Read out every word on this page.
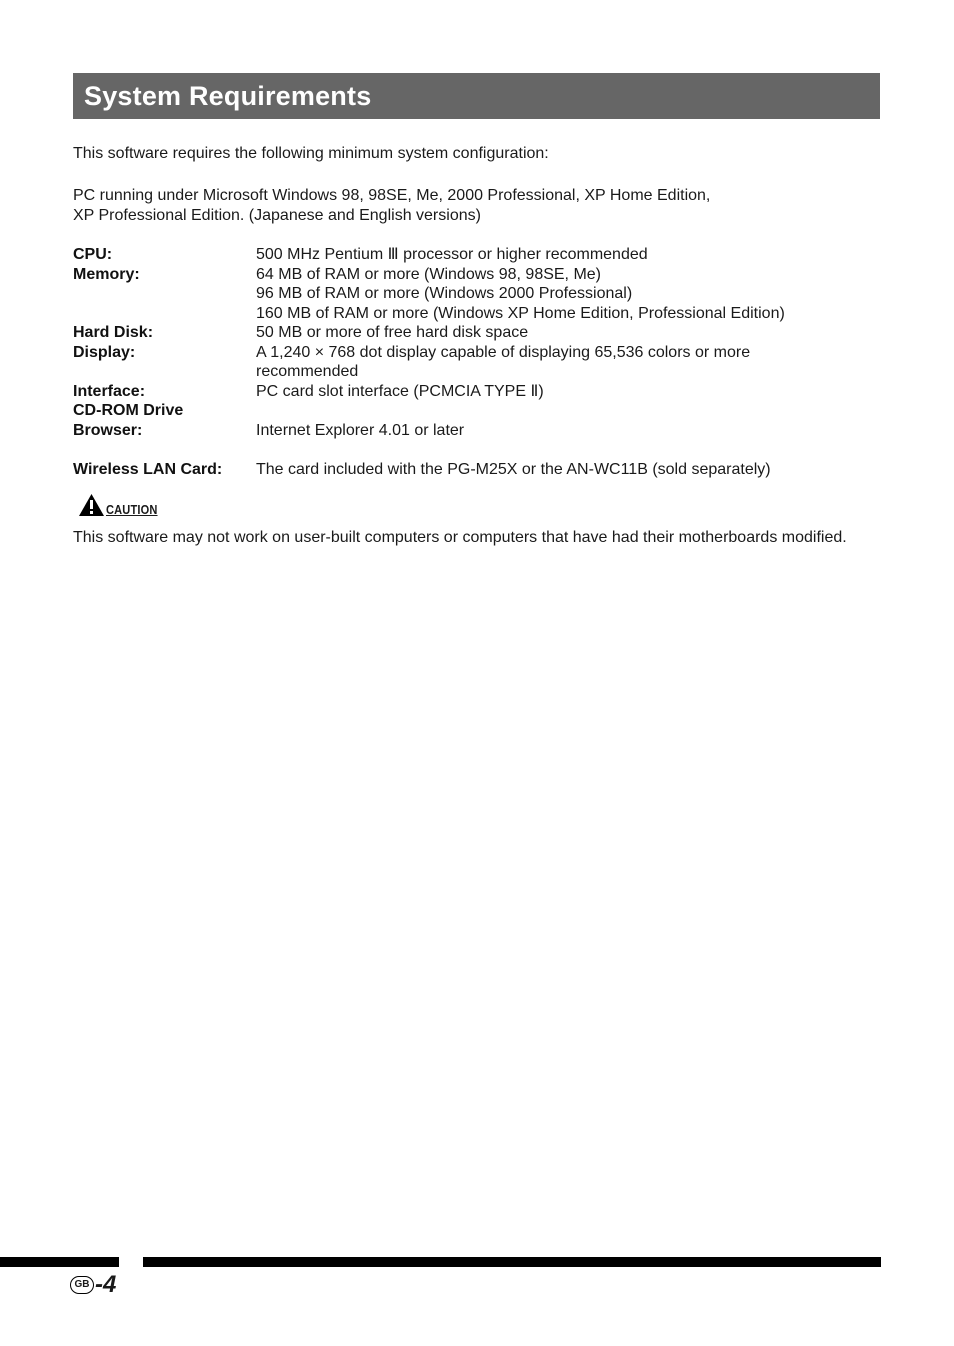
System Requirements
This software requires the following minimum system configuration:
PC running under Microsoft Windows 98, 98SE, Me, 2000 Professional, XP Home Edition,
XP Professional Edition. (Japanese and English versions)
CPU:	500 MHz Pentium Ⅲ processor or higher recommended
Memory:	64 MB of RAM or more (Windows 98, 98SE, Me)
96 MB of RAM or more (Windows 2000 Professional)
160 MB of RAM or more (Windows XP Home Edition, Professional Edition)

Hard Disk:	50 MB or more of free hard disk space
Display:	A 1,240 × 768 dot display capable of displaying 65,536 colors or more recommended
Interface:	PC card slot interface (PCMCIA TYPE Ⅱ)
CD-ROM Drive	
Browser:	Internet Explorer 4.01 or later
Wireless LAN Card:	The card included with the PG-M25X or the AN-WC11B (sold separately)
CAUTION
This software may not work on user-built computers or computers that have had their motherboards modified.
GB -4
